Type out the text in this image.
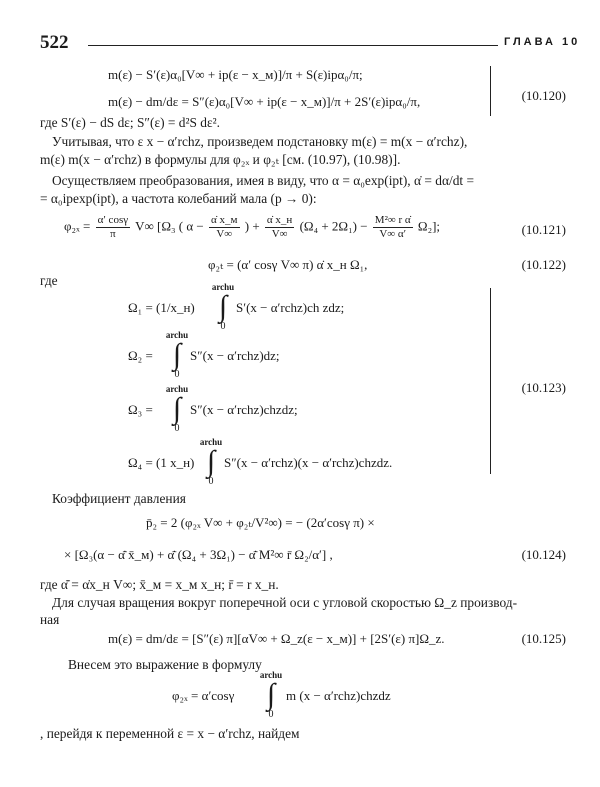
522	ГЛАВА 10
m(ε) − S′(ε)α₀[V∞ + ip(ε − x_м)]/π + S(ε)ipα₀/π;
m(ε) − dm/dε = S″(ε)α₀[V∞ + ip(ε − x_м)]/π + 2S′(ε)ipα₀/π,	(10.120)
где S′(ε) − dS dε; S″(ε) = d²S dε².
Учитывая, что ε x − α′rchz, произведем подстановку m(ε) = m(x − α′rchz),
m(ε) m(x − α′rchz) в формулы для φ₂ₓ и φ₂ₜ [см. (10.97), (10.98)].
Осуществляем преобразования, имея в виду, что α = α₀exp(ipt), α̇ = dα/dt =
= α₀ipexp(ipt), а частота колебаний мала (p → 0):
$\varphi_{2x} = \frac{\alpha' \cos\gamma}{\pi} V\infty$ [Ω₃ ( $\alpha - \frac{\alphȧ x\_м}{V\infty}$ ) + $\frac{\alphȧ x\_н}{V\infty} (\Omega_4 + 2\Omega_1) - \frac{\text{M²∞ r α̇}}{V\infty \alpha'} \Omega_2$];	(10.121)
φ₂ₜ = (α′ cosγ V∞ π) α̇ x_н Ω₁,	(10.122)
где
Ω₁ = (1/x_н)
archu
∫
0
S′(x − α′rchz)ch zdz;
Ω₂ =
archu
∫
0
S″(x − α′rchz)dz;
Ω₃ =
archu
∫
0
S″(x − α′rchz)chzdz;
Ω₄ = (1 x_н)
archu
∫
0
S″(x − α′rchz)(x − α′rchz)chzdz.
(10.123)
Коэффициент давления
p̄₂ = 2 (φ₂ₓ V∞ + φ₂ₜ/V²∞) = − (2α′cosγ π) ×
× [Ω₃(α − α̇̄ x̄_м) + α̇̄ (Ω₄ + 3Ω₁) − α̇̄ M²∞ r̄ Ω₂/α′] ,	(10.124)
где α̇̄ = α̇x_н V∞; x̄_м = x_м x_н; r̄ = r x_н.
Для случая вращения вокруг поперечной оси с угловой скоростью Ω_z производ-
ная
m(ε) = dm/dε = [S″(ε) π][αV∞ + Ω_z(ε − x_м)] + [2S′(ε) π]Ω_z.	(10.125)
Внесем это выражение в формулу
φ₂ₓ = α′cosγ
archu
∫
0
m (x − α′rchz)chzdz
, перейдя к переменной ε = x − α′rchz, найдем
